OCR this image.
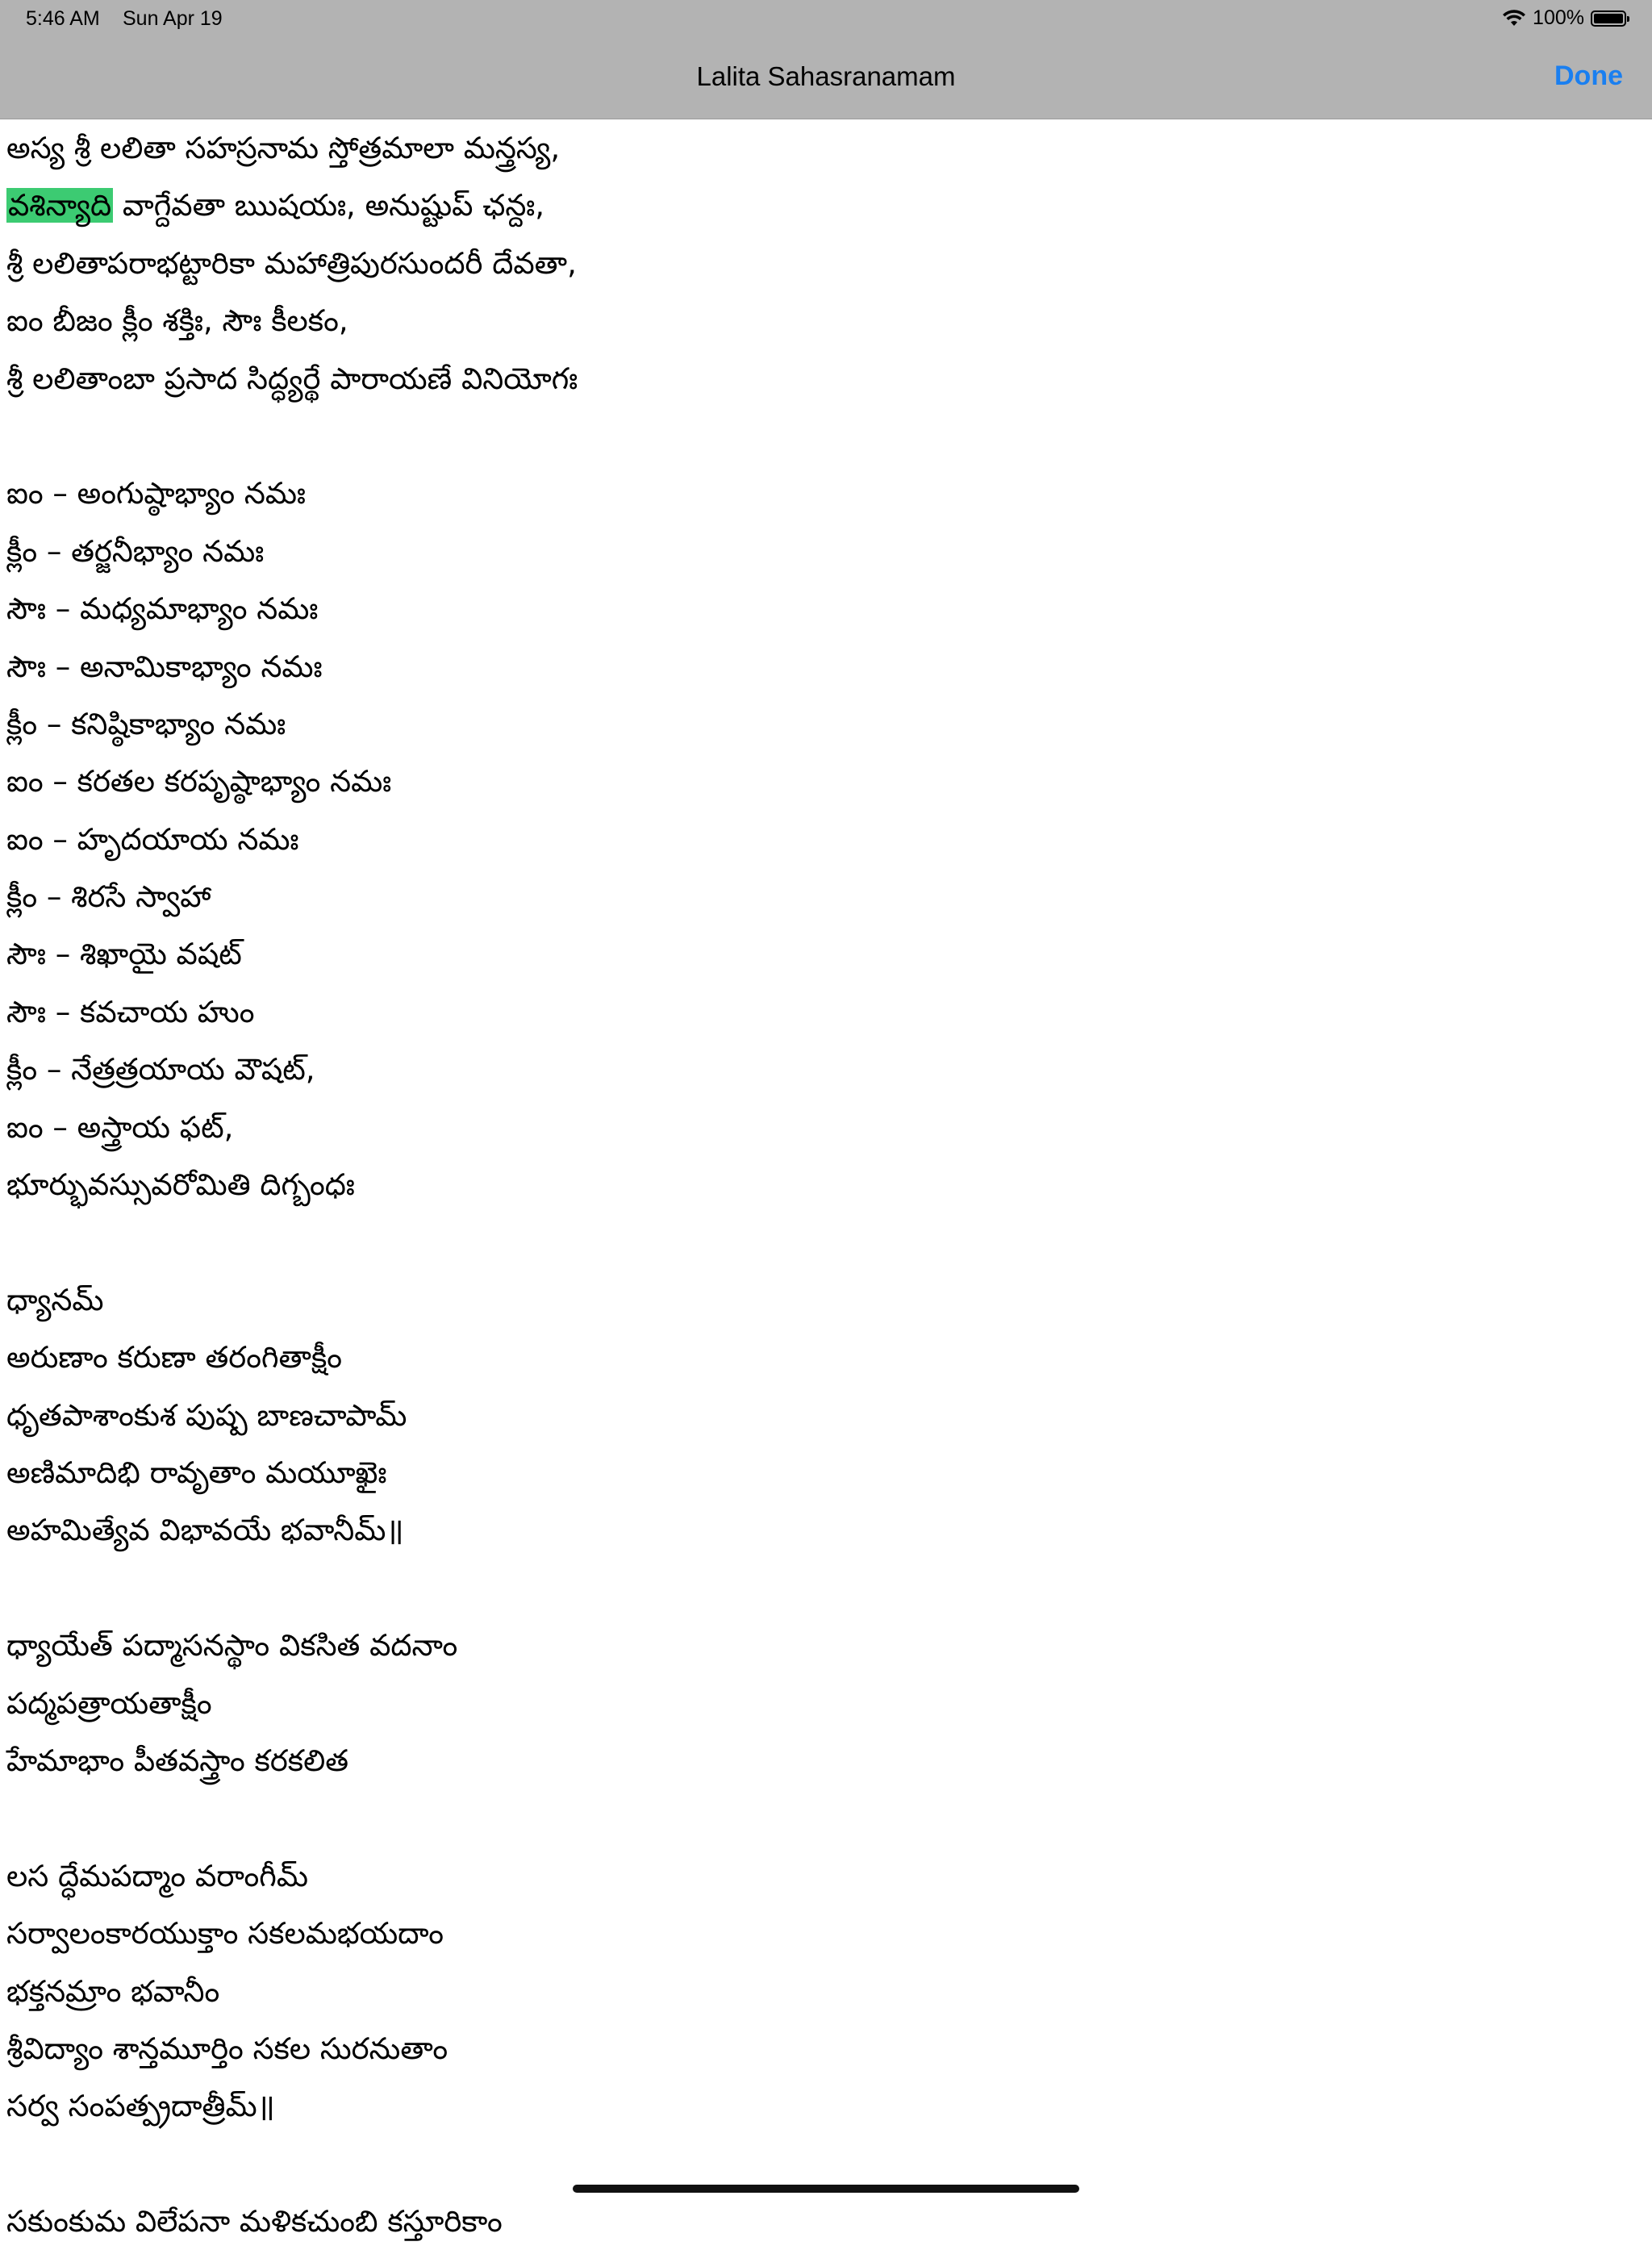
5:46 AM Sun Apr 19	100%
Lalita Sahasranamam	Done
అస్య శ్రీ లలితా సహస్రనామ స్తోత్రమాలా మన్త్రస్య,
వశిన్యాది వాగ్దేవతా ఋషయః, అనుష్టుప్ ఛన్దః,
శ్రీ లలితాపరాభట్టారికా మహాత్రిపురసుందరీ దేవతా,
ఐం బీజం క్లీం శక్తిః, సౌః కీలకం,
శ్రీ లలితాంబా ప్రసాద సిద్ధ్యర్థే పారాయణే వినియోగః
ఐం – అంగుష్ఠాభ్యాం నమః
క్లీం – తర్జనీభ్యాం నమః
సౌః – మధ్యమాభ్యాం నమః
సౌః – అనామికాభ్యాం నమః
క్లీం – కనిష్ఠికాభ్యాం నమః
ఐం – కరతల కరపృష్ఠాభ్యాం నమః
ఐం – హృదయాయ నమః
క్లీం – శిరసే స్వాహా
సౌః – శిఖాయై వషట్
సౌః – కవచాయ హుం
క్లీం – నేత్రత్రయాయ వౌషట్,
ఐం – అస్త్రాయ ఫట్,
భూర్భువస్సువరోమితి దిగ్బంధః
ధ్యానమ్
అరుణాం కరుణా తరంగితాక్షీం
ధృతపాశాంకుశ పుష్ప బాణచాపామ్
అణిమాదిభి రావృతాం మయూఖైః
అహమిత్యేవ విభావయే భవానీమ్॥
ధ్యాయేత్ పద్మాసనస్థాం వికసిత వదనాం
పద్మపత్రాయతాక్షీం
హేమాభాం పీతవస్త్రాం కరకలిత
లస ద్ధేమపద్మాం వరాంగీమ్
సర్వాలంకారయుక్తాం సకలమభయదాం
భక్తనమ్రాం భవానీం
శ్రీవిద్యాం శాన్తమూర్తిం సకల సురనుతాం
సర్వ సంపత్ప్రదాత్రీమ్॥
సకుంకుమ విలేపనా మళికచుంబి కస్తూరికాం
